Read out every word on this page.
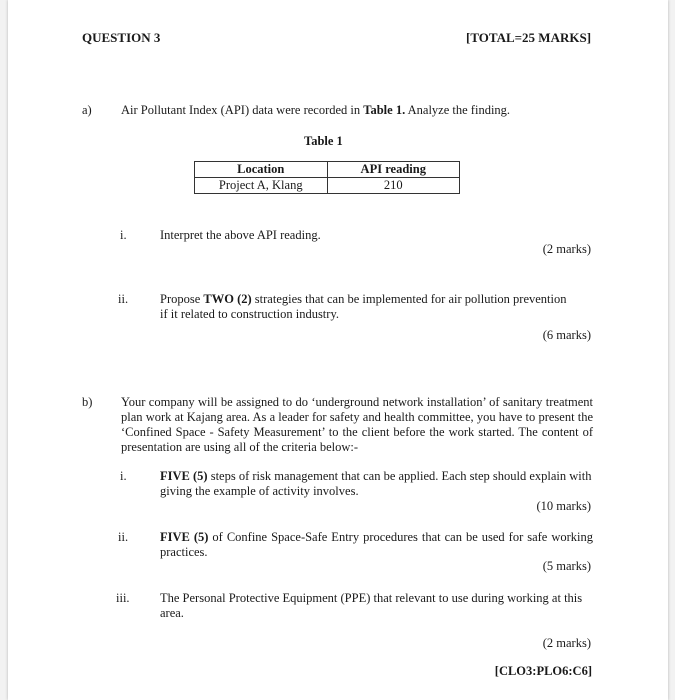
QUESTION 3	[TOTAL=25 MARKS]
a) Air Pollutant Index (API) data were recorded in Table 1. Analyze the finding.
Table 1
Location	API reading
Project A, Klang	210
i.	Interpret the above API reading.
(2 marks)
ii.	Propose TWO (2) strategies that can be implemented for air pollution prevention
if it related to construction industry.
(6 marks)
b) Your company will be assigned to do ‘underground network installation’ of sanitary treatment plan work at Kajang area. As a leader for safety and health committee, you have to present the ‘Confined Space - Safety Measurement’ to the client before the work started. The content of presentation are using all of the criteria below:-
i.	FIVE (5) steps of risk management that can be applied. Each step should explain with giving the example of activity involves.
(10 marks)
ii.	FIVE (5) of Confine Space-Safe Entry procedures that can be used for safe working practices.
(5 marks)
iii. The Personal Protective Equipment (PPE) that relevant to use during working at this area.
(2 marks)
[CLO3:PLO6:C6]
